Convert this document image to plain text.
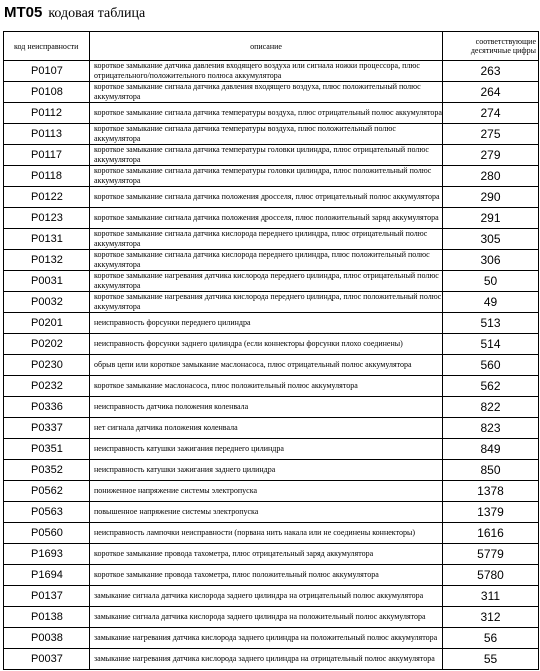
MT05 кодовая таблица
код неисправности	описание	соответствующие десятичные цифры
P0107	короткое замыкание датчика давления входящего воздуха или сигнала ножки процессора, плюс отрицательного/положительного полюса аккумулятора	263
P0108	короткое замыкание сигнала датчика давления входящего воздуха, плюс положительный полюс аккумулятора	264
P0112	короткое замыкание сигнала датчика температуры воздуха, плюс отрицательный полюс аккумулятора	274
P0113	короткое замыкание сигнала датчика температуры воздуха, плюс положительный полюс аккумулятора	275
P0117	короткое замыкание сигнала датчика температуры головки цилиндра, плюс отрицательный полюс аккумулятора	279
P0118	короткое замыкание сигнала датчика температуры головки цилиндра, плюс положительный полюс аккумулятора	280
P0122	короткое замыкание сигнала датчика положения дросселя, плюс отрицательный полюс аккумулятора	290
P0123	короткое замыкание сигнала датчика положения дросселя, плюс положительный заряд аккумулятора	291
P0131	короткое замыкание сигнала датчика кислорода переднего цилиндра, плюс отрицательный полюс аккумулятора	305
P0132	короткое замыкание сигнала датчика кислорода переднего цилиндра, плюс положительный полюс аккумулятора	306
P0031	короткое замыкание нагревания датчика кислорода переднего цилиндра, плюс отрицательный полюс аккумулятора	50
P0032	короткое замыкание нагревания датчика кислорода переднего цилиндра, плюс положительный полюс аккумулятора	49
P0201	неисправность форсунки переднего цилиндра	513
P0202	неисправность форсунки заднего цилиндра (если коннекторы форсунки плохо соединены)	514
P0230	обрыв цепи или короткое замыкание маслонасоса, плюс отрицательный полюс аккумулятора	560
P0232	короткое замыкание маслонасоса, плюс положительный полюс аккумулятора	562
P0336	неисправность датчика положения коленвала	822
P0337	нет сигнала датчика положения коленвала	823
P0351	неисправность катушки зажигания переднего цилиндра	849
P0352	неисправность катушки зажигания заднего цилиндра	850
P0562	пониженное напряжение системы электропуска	1378
P0563	повышенное напряжение системы электропуска	1379
P0560	неисправность лампочки неисправности (порвана нить накала или не соединены коннекторы)	1616
P1693	короткое замыкание провода тахометра, плюс отрицательный заряд аккумулятора	5779
P1694	короткое замыкание провода тахометра, плюс положительный полюс аккумулятора	5780
P0137	замыкание сигнала датчика кислорода заднего цилиндра на отрицательный полюс аккумулятора	311
P0138	замыкание сигнала датчика кислорода заднего цилиндра на положительный полюс аккумулятора	312
P0038	замыкание нагревания датчика кислорода заднего цилиндра на положительный полюс аккумулятора	56
P0037	замыкание нагревания датчика кислорода заднего цилиндра на отрицательный полюс аккумулятора	55
